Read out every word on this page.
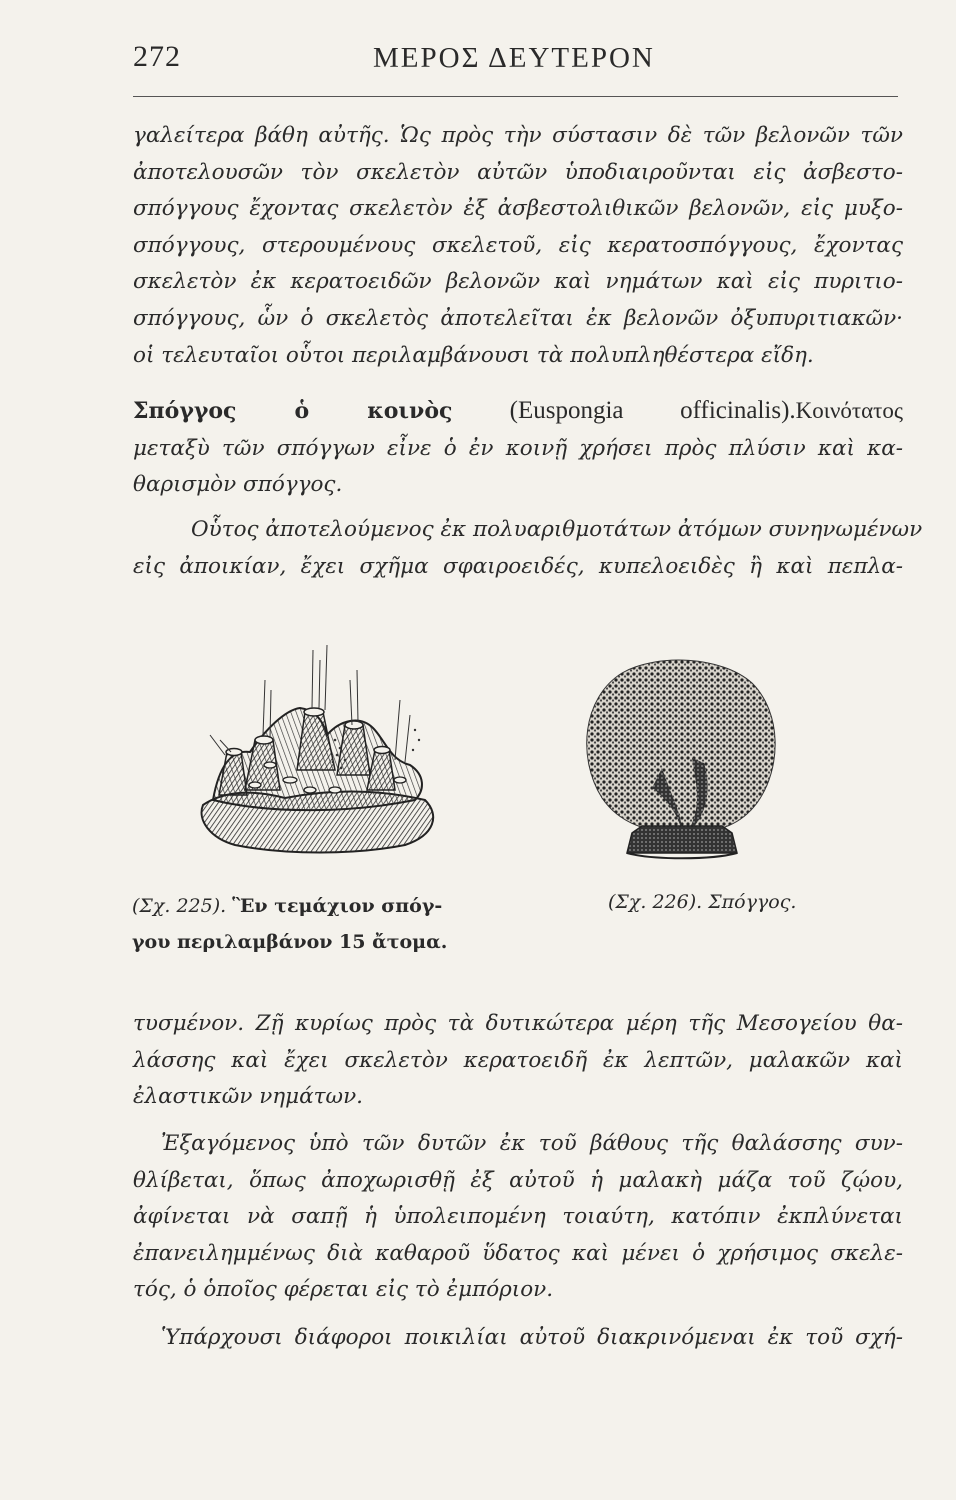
272	ΜΕΡΟΣ ΔΕΥΤΕΡΟΝ
γαλείτερα βάθη αὐτῆς. Ὡς πρὸς τὴν σύστασιν δὲ τῶν βελονῶν τῶν
ἀποτελουσῶν τὸν σκελετὸν αὐτῶν ὑποδιαιροῦνται εἰς ἀσβεστο-
σπόγγους ἔχοντας σκελετὸν ἐξ ἀσβεστολιθικῶν βελονῶν, εἰς μυξο-
σπόγγους, στερουμένους σκελετοῦ, εἰς κερατοσπόγγους, ἔχοντας
σκελετὸν ἐκ κερατοειδῶν βελονῶν καὶ νημάτων καὶ εἰς πυριτιο-
σπόγγους, ὧν ὁ σκελετὸς ἀποτελεῖται ἐκ βελονῶν ὀξυπυριτιακῶν·
οἱ τελευταῖοι οὗτοι περιλαμβάνουσι τὰ πολυπληθέστερα εἴδη.
Σπόγγος ὁ κοινὸς (Euspongia officinalis). Κοινότατος
μεταξὺ τῶν σπόγγων εἶνε ὁ ἐν κοινῇ χρήσει πρὸς πλύσιν καὶ κα-
θαρισμὸν σπόγγος.
Οὗτος ἀποτελούμενος ἐκ πολυαριθμοτάτων ἀτόμων συνηνωμένων
εἰς ἀποικίαν, ἔχει σχῆμα σφαιροειδές, κυπελοειδὲς ἢ καὶ πεπλα-
(Σχ. 225). Ἓν τεμάχιον σπόγ-
γου περιλαμβάνον 15 ἄτομα.
(Σχ. 226). Σπόγγος.
τυσμένον. Ζῇ κυρίως πρὸς τὰ δυτικώτερα μέρη τῆς Μεσογείου θα-
λάσσης καὶ ἔχει σκελετὸν κερατοειδῆ ἐκ λεπτῶν, μαλακῶν καὶ
ἐλαστικῶν νημάτων.
Ἐξαγόμενος ὑπὸ τῶν δυτῶν ἐκ τοῦ βάθους τῆς θαλάσσης συν-
θλίβεται, ὅπως ἀποχωρισθῇ ἐξ αὐτοῦ ἡ μαλακὴ μάζα τοῦ ζῴου,
ἀφίνεται νὰ σαπῇ ἡ ὑπολειπομένη τοιαύτη, κατόπιν ἐκπλύνεται
ἐπανειλημμένως διὰ καθαροῦ ὕδατος καὶ μένει ὁ χρήσιμος σκελε-
τός, ὁ ὁποῖος φέρεται εἰς τὸ ἐμπόριον.
Ὑπάρχουσι διάφοροι ποικιλίαι αὐτοῦ διακρινόμεναι ἐκ τοῦ σχή-
